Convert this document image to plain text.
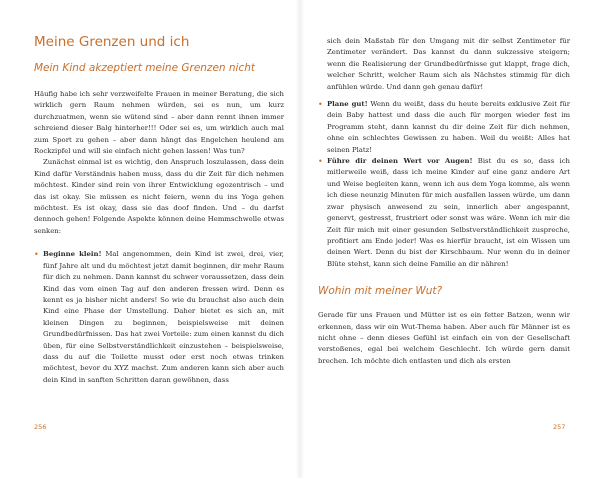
Meine Grenzen und ich
Mein Kind akzeptiert meine Grenzen nicht

Häufig habe ich sehr verzweifelte Frauen in meiner Beratung, die sich wirklich gern Raum nehmen würden, sei es nun, um kurz durchzuatmen, wenn sie wütend sind – aber dann rennt ihnen immer schreiend dieser Balg hinterher!!! Oder sei es, um wirklich auch mal zum Sport zu gehen – aber dann hängt das Engelchen heulend am Rockzipfel und will sie einfach nicht gehen lassen! Was tun?

Zunächst einmal ist es wichtig, den Anspruch loszulassen, dass dein Kind dafür Verständnis haben muss, dass du dir Zeit für dich nehmen möchtest. Kinder sind rein von ihrer Entwicklung egozentrisch – und das ist okay. Sie müssen es nicht feiern, wenn du ins Yoga gehen möchtest. Es ist okay, dass sie das doof finden. Und – du darfst dennoch gehen! Folgende Aspekte können deine Hemmschwelle etwas senken:

• Beginne klein! Mal angenommen, dein Kind ist zwei, drei, vier, fünf Jahre alt und du möchtest jetzt damit beginnen, dir mehr Raum für dich zu nehmen. Dann kannst du schwer voraussetzen, dass dein Kind das vom einen Tag auf den anderen fressen wird. Denn es kennt es ja bisher nicht anders! So wie du brauchst also auch dein Kind eine Phase der Umstellung. Daher bietet es sich an, mit kleinen Dingen zu beginnen, beispielsweise mit deinen Grundbedürfnissen. Das hat zwei Vorteile: zum einen kannst du dich üben, für eine Selbstverständlichkeit einzustehen – beispielsweise, dass du auf die Toilette musst oder erst noch etwas trinken möchtest, bevor du XYZ machst. Zum anderen kann sich aber auch dein Kind in sanften Schritten daran gewöhnen, dass

256

sich dein Maßstab für den Umgang mit dir selbst Zentimeter für Zentimeter verändert. Das kannst du dann sukzessive steigern; wenn die Realisierung der Grundbedürfnisse gut klappt, frage dich, welcher Schritt, welcher Raum sich als Nächstes stimmig für dich anfühlen würde. Und dann geh genau dafür!

• Plane gut! Wenn du weißt, dass du heute bereits exklusive Zeit für dein Baby hattest und dass die auch für morgen wieder fest im Programm steht, dann kannst du dir deine Zeit für dich nehmen, ohne ein schlechtes Gewissen zu haben. Weil du weißt: Alles hat seinen Platz!

• Führe dir deinen Wert vor Augen! Bist du es so, dass ich mitlerweile weiß, dass ich meine Kinder auf eine ganz andere Art und Weise begleiten kann, wenn ich aus dem Yoga komme, als wenn ich diese neunzig Minuten für mich ausfallen lassen würde, um dann zwar physisch anwesend zu sein, innerlich aber angespannt, genervt, gestresst, frustriert oder sonst was wäre. Wenn ich mir die Zeit für mich mit einer gesunden Selbstverständlichkeit zuspreche, profitiert am Ende jeder! Was es hierfür braucht, ist ein Wissen um deinen Wert. Denn du bist der Kirschbaum. Nur wenn du in deiner Blüte stehst, kann sich deine Familie an dir nähren!

Wohin mit meiner Wut?

Gerade für uns Frauen und Mütter ist es ein fetter Batzen, wenn wir erkennen, dass wir ein Wut-Thema haben. Aber auch für Männer ist es nicht ohne – denn dieses Gefühl ist einfach ein von der Gesellschaft verstoßenes, egal bei welchem Geschlecht. Ich würde gern damit brechen. Ich möchte dich entlasten und dich als ersten

257
